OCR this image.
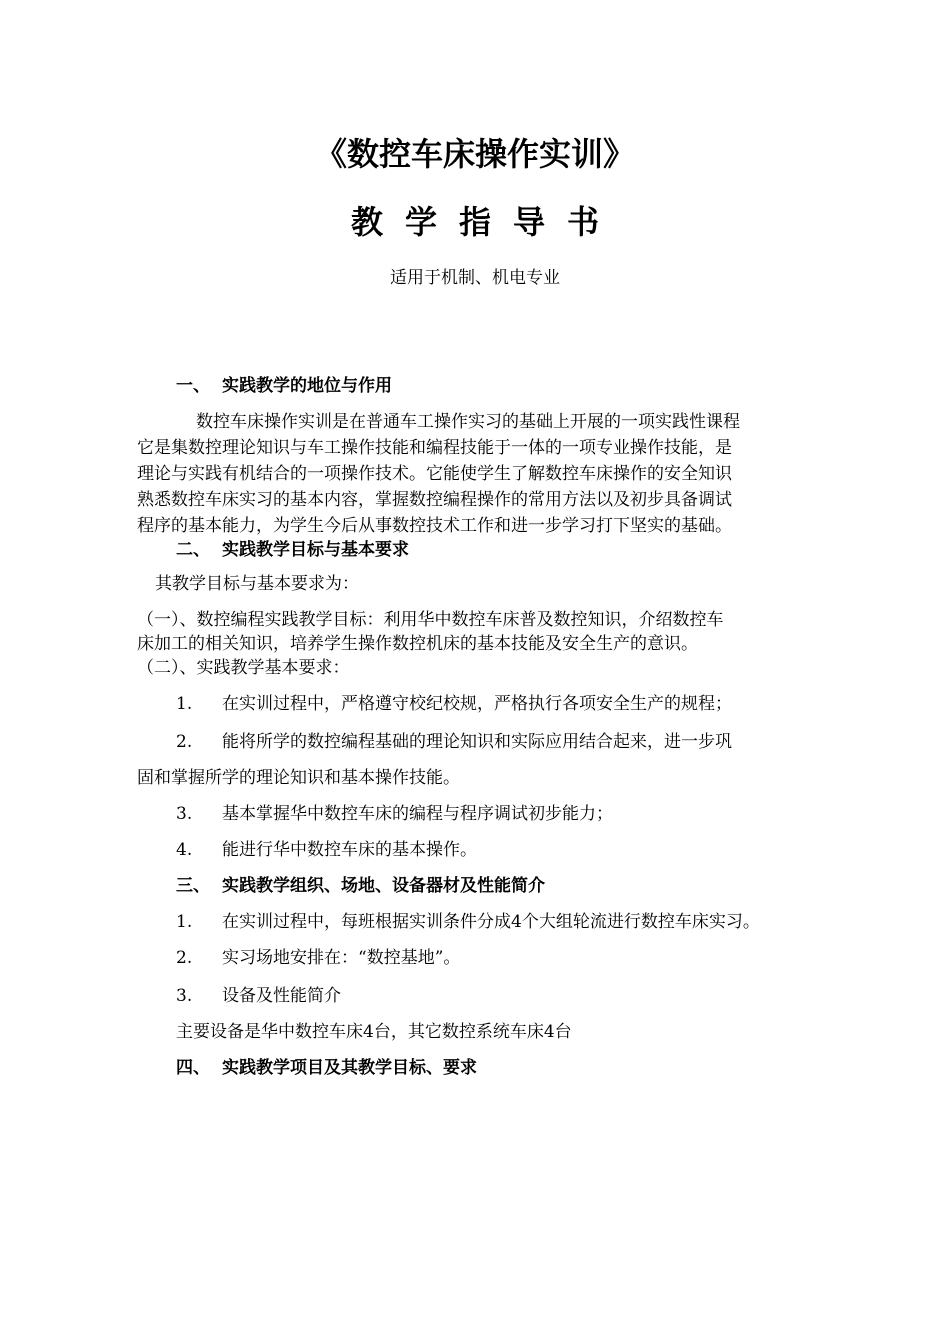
《数控车床操作实训》
教学指导书
适用于机制、机电专业
一、 实践教学的地位与作用
数控车床操作实训是在普通车工操作实习的基础上开展的一项实践性课程
它是集数控理论知识与车工操作技能和编程技能于一体的一项专业操作技能，是
理论与实践有机结合的一项操作技术。它能使学生了解数控车床操作的安全知识
熟悉数控车床实习的基本内容，掌握数控编程操作的常用方法以及初步具备调试
程序的基本能力，为学生今后从事数控技术工作和进一步学习打下坚实的基础。
二、 实践教学目标与基本要求
其教学目标与基本要求为：
（一）、数控编程实践教学目标：利用华中数控车床普及数控知识，介绍数控车
床加工的相关知识，培养学生操作数控机床的基本技能及安全生产的意识。
（二）、实践教学基本要求：
1. 在实训过程中，严格遵守校纪校规，严格执行各项安全生产的规程；
2. 能将所学的数控编程基础的理论知识和实际应用结合起来，进一步巩
固和掌握所学的理论知识和基本操作技能。
3. 基本掌握华中数控车床的编程与程序调试初步能力；
4. 能进行华中数控车床的基本操作。
三、 实践教学组织、场地、设备器材及性能简介
1. 在实训过程中，每班根据实训条件分成4个大组轮流进行数控车床实习。
2. 实习场地安排在：“数控基地”。
3. 设备及性能简介
主要设备是华中数控车床4台，其它数控系统车床4台
四、 实践教学项目及其教学目标、要求
